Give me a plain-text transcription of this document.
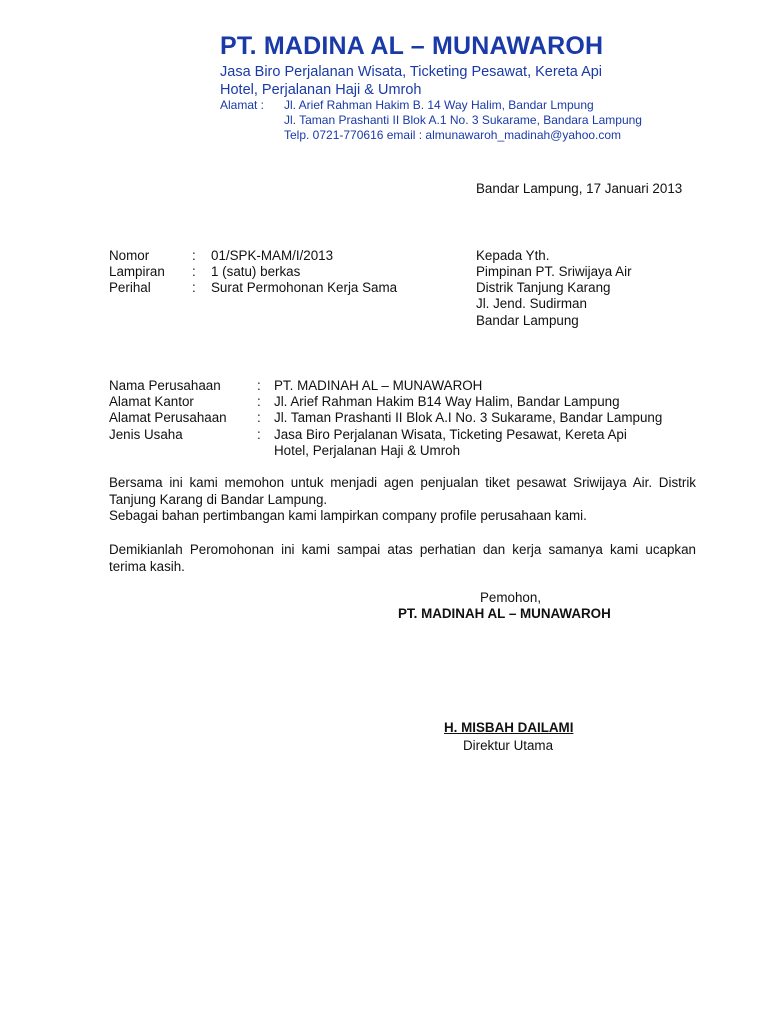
PT. MADINA AL – MUNAWAROH
Jasa Biro Perjalanan Wisata, Ticketing Pesawat, Kereta Api
Hotel, Perjalanan Haji & Umroh
Alamat : Jl. Arief Rahman Hakim B. 14 Way Halim, Bandar Lmpung
Jl. Taman Prashanti II Blok A.1 No. 3 Sukarame, Bandara Lampung
Telp. 0721-770616 email : almunawaroh_madinah@yahoo.com
Bandar Lampung, 17 Januari 2013
Nomor	: 01/SPK-MAM/I/2013
Lampiran : 1 (satu) berkas
Perihal	: Surat Permohonan Kerja Sama
Kepada Yth.
Pimpinan PT. Sriwijaya Air
Distrik Tanjung Karang
Jl. Jend. Sudirman
Bandar Lampung
Nama Perusahaan	: PT. MADINAH AL – MUNAWAROH
Alamat Kantor	: Jl. Arief Rahman Hakim B14 Way Halim, Bandar Lampung
Alamat Perusahaan : Jl. Taman Prashanti II Blok A.I No. 3 Sukarame, Bandar Lampung
Jenis Usaha	: Jasa Biro Perjalanan Wisata, Ticketing Pesawat, Kereta Api
Hotel, Perjalanan Haji & Umroh
Bersama ini kami memohon untuk menjadi agen penjualan tiket pesawat Sriwijaya Air. Distrik Tanjung Karang di Bandar Lampung.
Sebagai bahan pertimbangan kami lampirkan company profile perusahaan kami.
Demikianlah Peromohonan ini kami sampai atas perhatian dan kerja samanya kami ucapkan terima kasih.
Pemohon,
PT. MADINAH AL – MUNAWAROH
H. MISBAH DAILAMI
Direktur Utama
